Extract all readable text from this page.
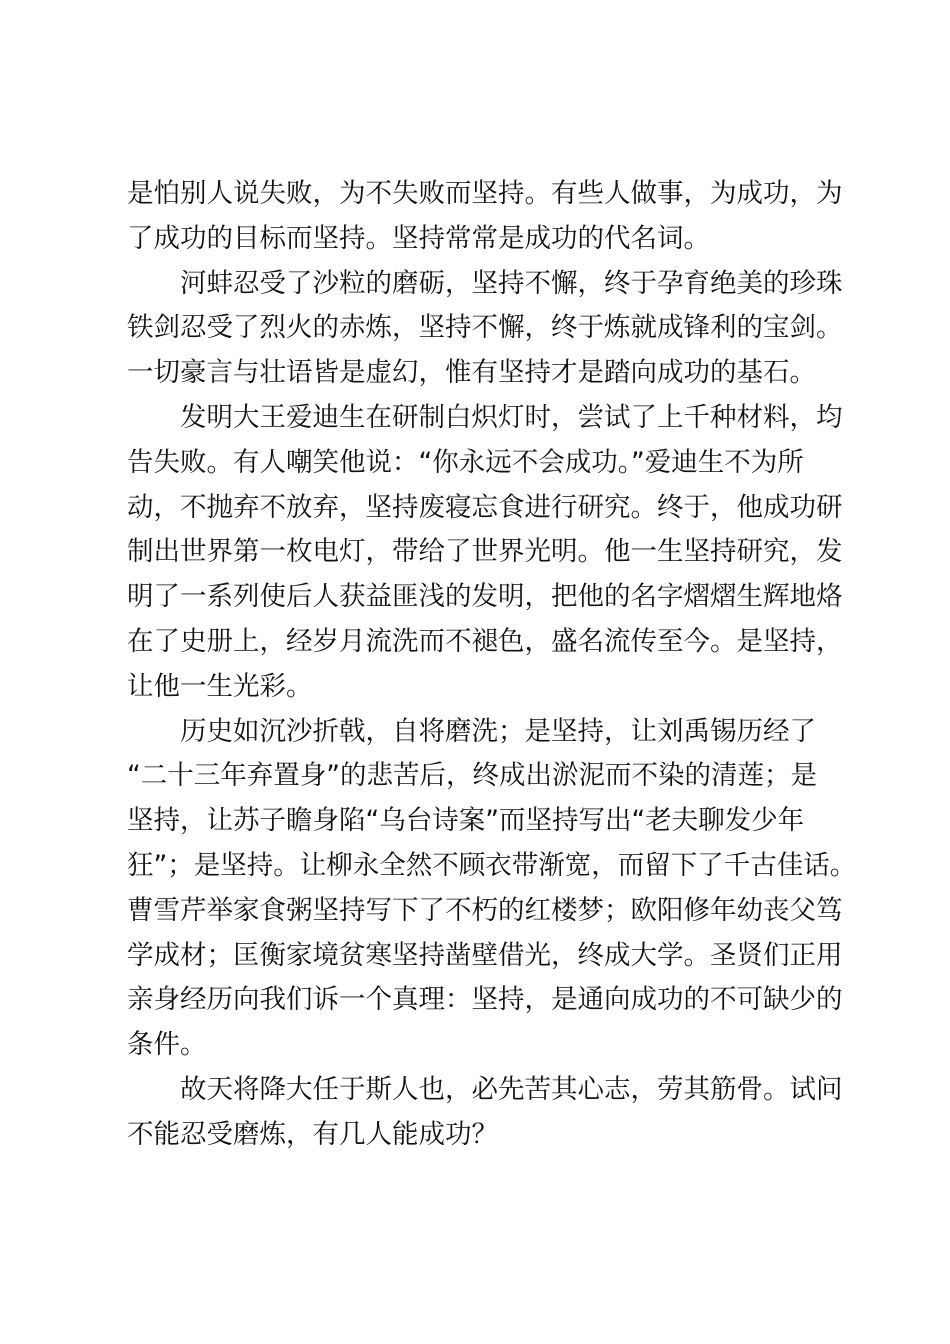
是怕别人说失败，为不失败而坚持。有些人做事，为成功，为
了成功的目标而坚持。坚持常常是成功的代名词。
　　河蚌忍受了沙粒的磨砺，坚持不懈，终于孕育绝美的珍珠
铁剑忍受了烈火的赤炼，坚持不懈，终于炼就成锋利的宝剑。
一切豪言与壮语皆是虚幻，惟有坚持才是踏向成功的基石。
　　发明大王爱迪生在研制白炽灯时，尝试了上千种材料，均
告失败。有人嘲笑他说：“你永远不会成功。”爱迪生不为所
动，不抛弃不放弃，坚持废寝忘食进行研究。终于，他成功研
制出世界第一枚电灯，带给了世界光明。他一生坚持研究，发
明了一系列使后人获益匪浅的发明，把他的名字熠熠生辉地烙
在了史册上，经岁月流洗而不褪色，盛名流传至今。是坚持，
让他一生光彩。
　　历史如沉沙折戟，自将磨洗；是坚持，让刘禹锡历经了
“二十三年弃置身”的悲苦后，终成出淤泥而不染的清莲；是
坚持，让苏子瞻身陷“乌台诗案”而坚持写出“老夫聊发少年
狂”；是坚持。让柳永全然不顾衣带渐宽，而留下了千古佳话。
曹雪芹举家食粥坚持写下了不朽的红楼梦；欧阳修年幼丧父笃
学成材；匡衡家境贫寒坚持凿壁借光，终成大学。圣贤们正用
亲身经历向我们诉一个真理：坚持，是通向成功的不可缺少的
条件。
　　故天将降大任于斯人也，必先苦其心志，劳其筋骨。试问
不能忍受磨炼，有几人能成功？
